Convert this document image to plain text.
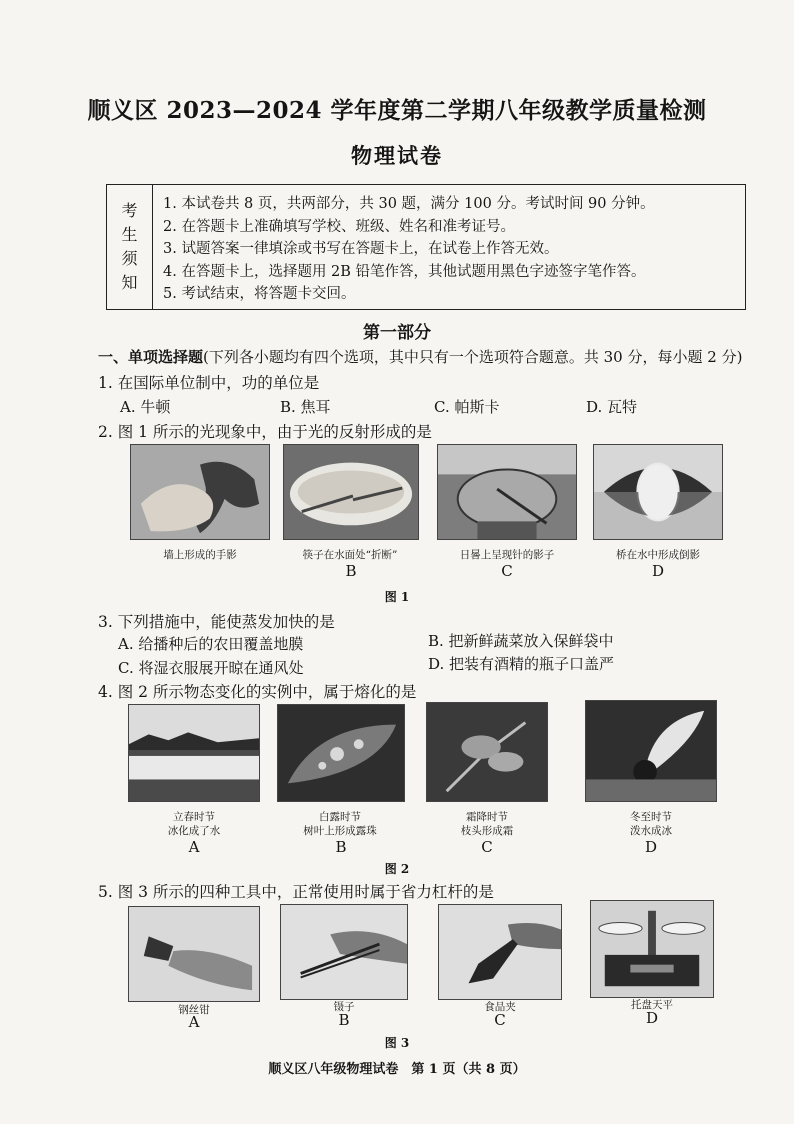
顺义区 2023—2024 学年度第二学期八年级教学质量检测
物理试卷
考
生
须
知
1. 本试卷共 8 页，共两部分，共 30 题，满分 100 分。考试时间 90 分钟。
2. 在答题卡上准确填写学校、班级、姓名和准考证号。
3. 试题答案一律填涂或书写在答题卡上，在试卷上作答无效。
4. 在答题卡上，选择题用 2B 铅笔作答，其他试题用黑色字迹签字笔作答。
5. 考试结束，将答题卡交回。
第一部分
一、单项选择题(下列各小题均有四个选项，其中只有一个选项符合题意。共 30 分，每小题 2 分)
1. 在国际单位制中，功的单位是
A. 牛顿	B. 焦耳	C. 帕斯卡	D. 瓦特
2. 图 1 所示的光现象中，由于光的反射形成的是
墙上形成的手影	筷子在水面处“折断”	日晷上呈现针的影子	桥在水中形成倒影
B	C	D
图 1
3. 下列措施中，能使蒸发加快的是
A. 给播种后的农田覆盖地膜	B. 把新鲜蔬菜放入保鲜袋中
C. 将湿衣服展开晾在通风处	D. 把装有酒精的瓶子口盖严
4. 图 2 所示物态变化的实例中，属于熔化的是
立春时节
冰化成了水
白露时节
树叶上形成露珠
霜降时节
枝头形成霜
冬至时节
泼水成冰
A	B	C	D
图 2
5. 图 3 所示的四种工具中，正常使用时属于省力杠杆的是
钢丝钳	镊子	食品夹	托盘天平
A	B	C	D
图 3
顺义区八年级物理试卷　第 1 页（共 8 页）
